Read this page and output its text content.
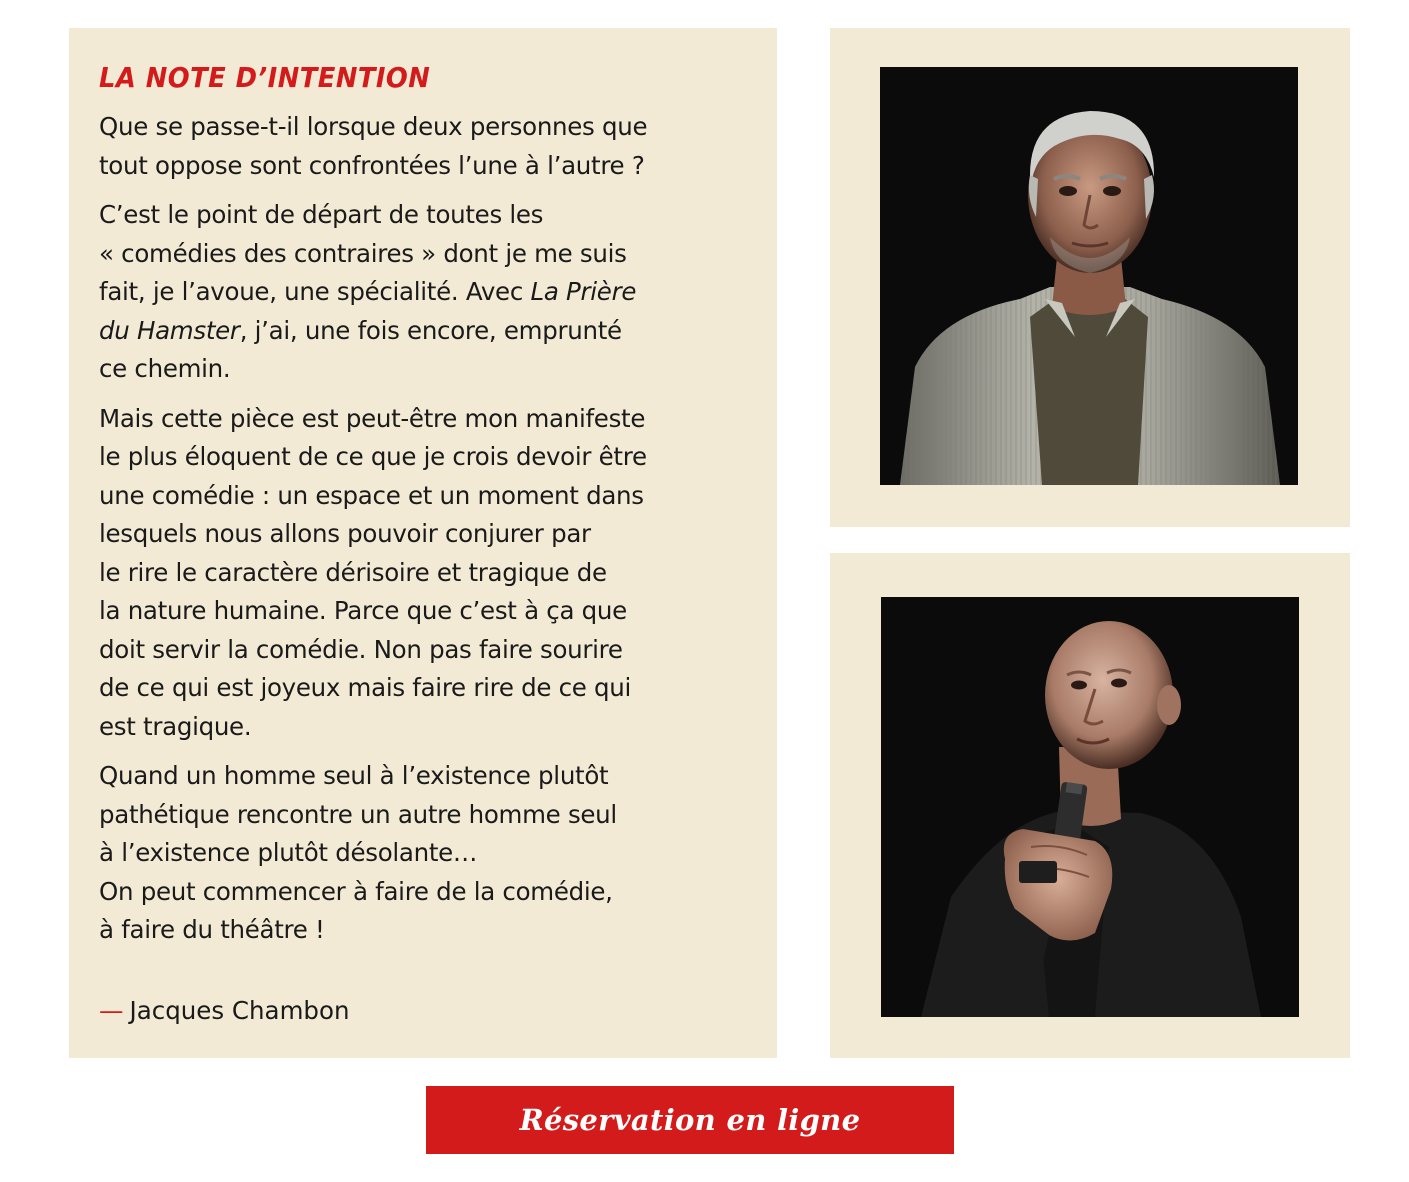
LA NOTE D’INTENTION

Que se passe-t-il lorsque deux personnes que
tout oppose sont confrontées l’une à l’autre ?

C’est le point de départ de toutes les
« comédies des contraires » dont je me suis
fait, je l’avoue, une spécialité. Avec La Prière
du Hamster, j’ai, une fois encore, emprunté
ce chemin.

Mais cette pièce est peut-être mon manifeste
le plus éloquent de ce que je crois devoir être
une comédie : un espace et un moment dans
lesquels nous allons pouvoir conjurer par
le rire le caractère dérisoire et tragique de
la nature humaine. Parce que c’est à ça que
doit servir la comédie. Non pas faire sourire
de ce qui est joyeux mais faire rire de ce qui
est tragique.

Quand un homme seul à l’existence plutôt
pathétique rencontre un autre homme seul
à l’existence plutôt désolante…
On peut commencer à faire de la comédie,
à faire du théâtre !

— Jacques Chambon
Réservation en ligne
